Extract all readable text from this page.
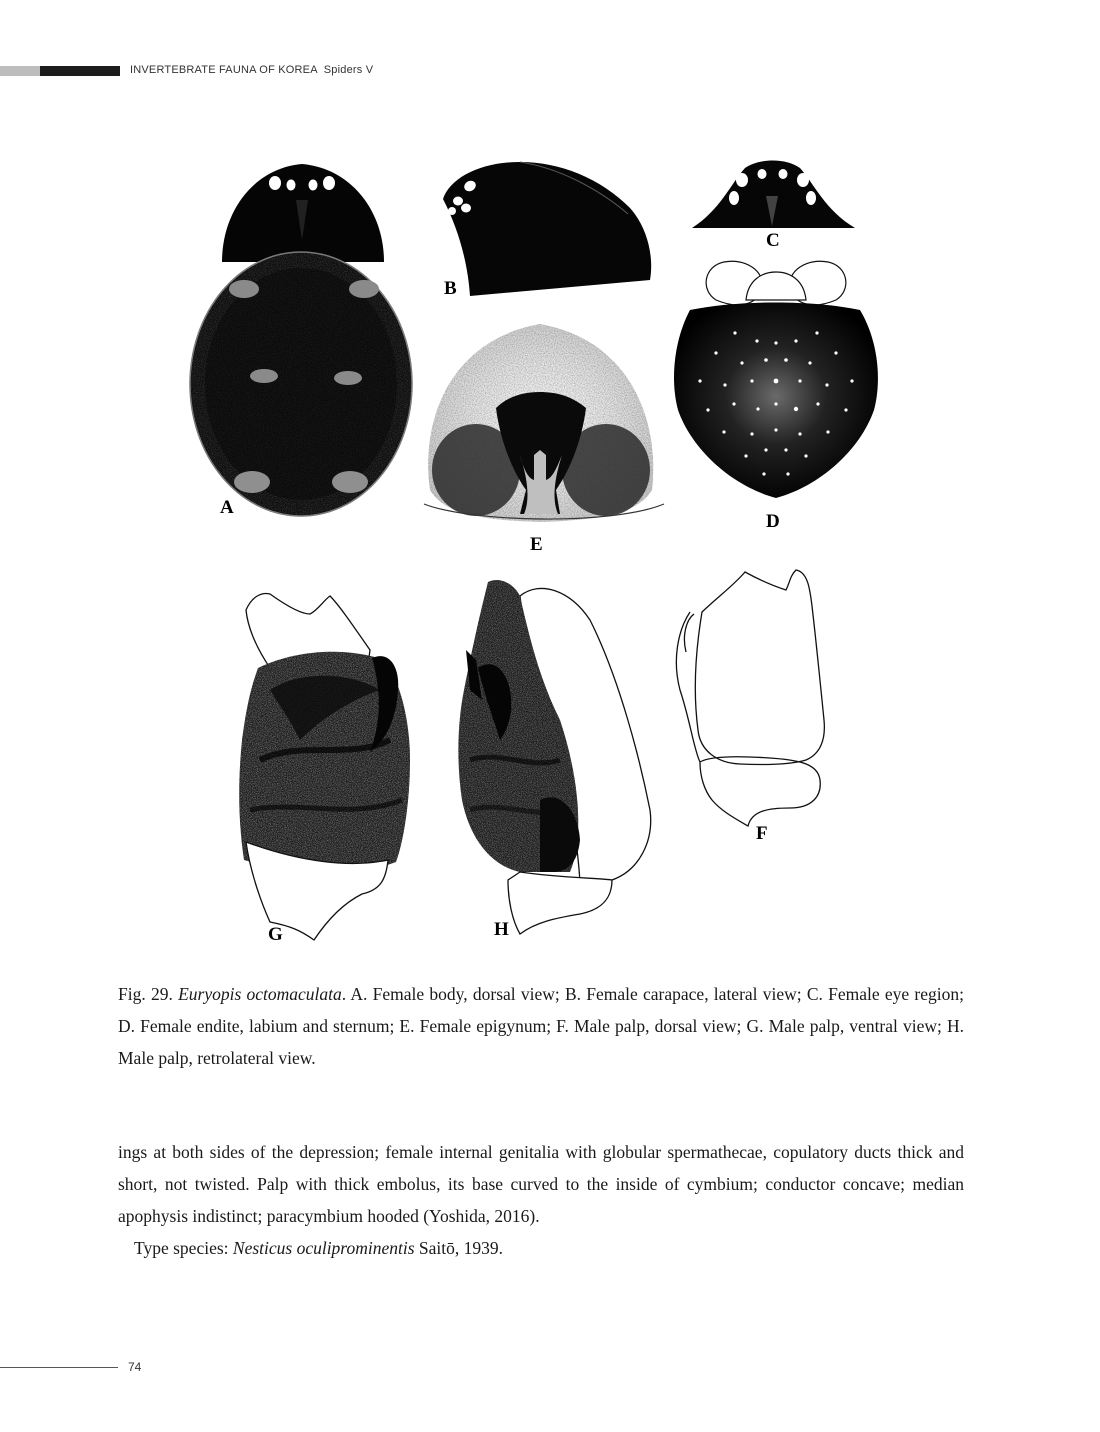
INVERTEBRATE FAUNA OF KOREA Spiders V
A
B
C
D
E
F
G	H
Fig. 29. Euryopis octomaculata. A. Female body, dorsal view; B. Female carapace, lateral view; C. Female eye region; D. Female endite, labium and sternum; E. Female epigynum; F. Male palp, dorsal view; G. Male palp, ventral view; H. Male palp, retrolateral view.

ings at both sides of the depression; female internal genitalia with globular spermathecae, copulatory ducts thick and short, not twisted. Palp with thick embolus, its base curved to the inside of cymbium; conductor concave; median apophysis indistinct; paracymbium hooded (Yoshida, 2016).

Type species: Nesticus oculiprominentis Saitō, 1939.

74
